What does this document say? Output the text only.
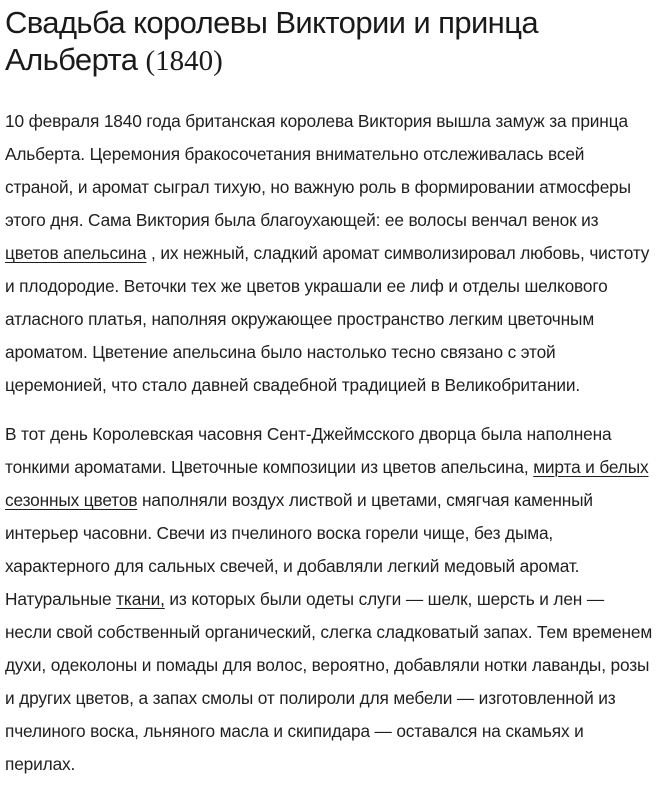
Свадьба королевы Виктории и принца Альберта (1840)

10 февраля 1840 года британская королева Виктория вышла замуж за принца Альберта. Церемония бракосочетания внимательно отслеживалась всей страной, и аромат сыграл тихую, но важную роль в формировании атмосферы этого дня. Сама Виктория была благоухающей: ее волосы венчал венок из цветов апельсина , их нежный, сладкий аромат символизировал любовь, чистоту и плодородие. Веточки тех же цветов украшали ее лиф и отделы шелкового атласного платья, наполняя окружающее пространство легким цветочным ароматом. Цветение апельсина было настолько тесно связано с этой церемонией, что стало давней свадебной традицией в Великобритании.

В тот день Королевская часовня Сент-Джеймсского дворца была наполнена тонкими ароматами. Цветочные композиции из цветов апельсина, мирта и белых сезонных цветов наполняли воздух листвой и цветами, смягчая каменный интерьер часовни. Свечи из пчелиного воска горели чище, без дыма, характерного для сальных свечей, и добавляли легкий медовый аромат. Натуральные ткани, из которых были одеты слуги — шелк, шерсть и лен — несли свой собственный органический, слегка сладковатый запах. Тем временем духи, одеколоны и помады для волос, вероятно, добавляли нотки лаванды, розы и других цветов, а запах смолы от полироли для мебели — изготовленной из пчелиного воска, льняного масла и скипидара — оставался на скамьях и перилах.
